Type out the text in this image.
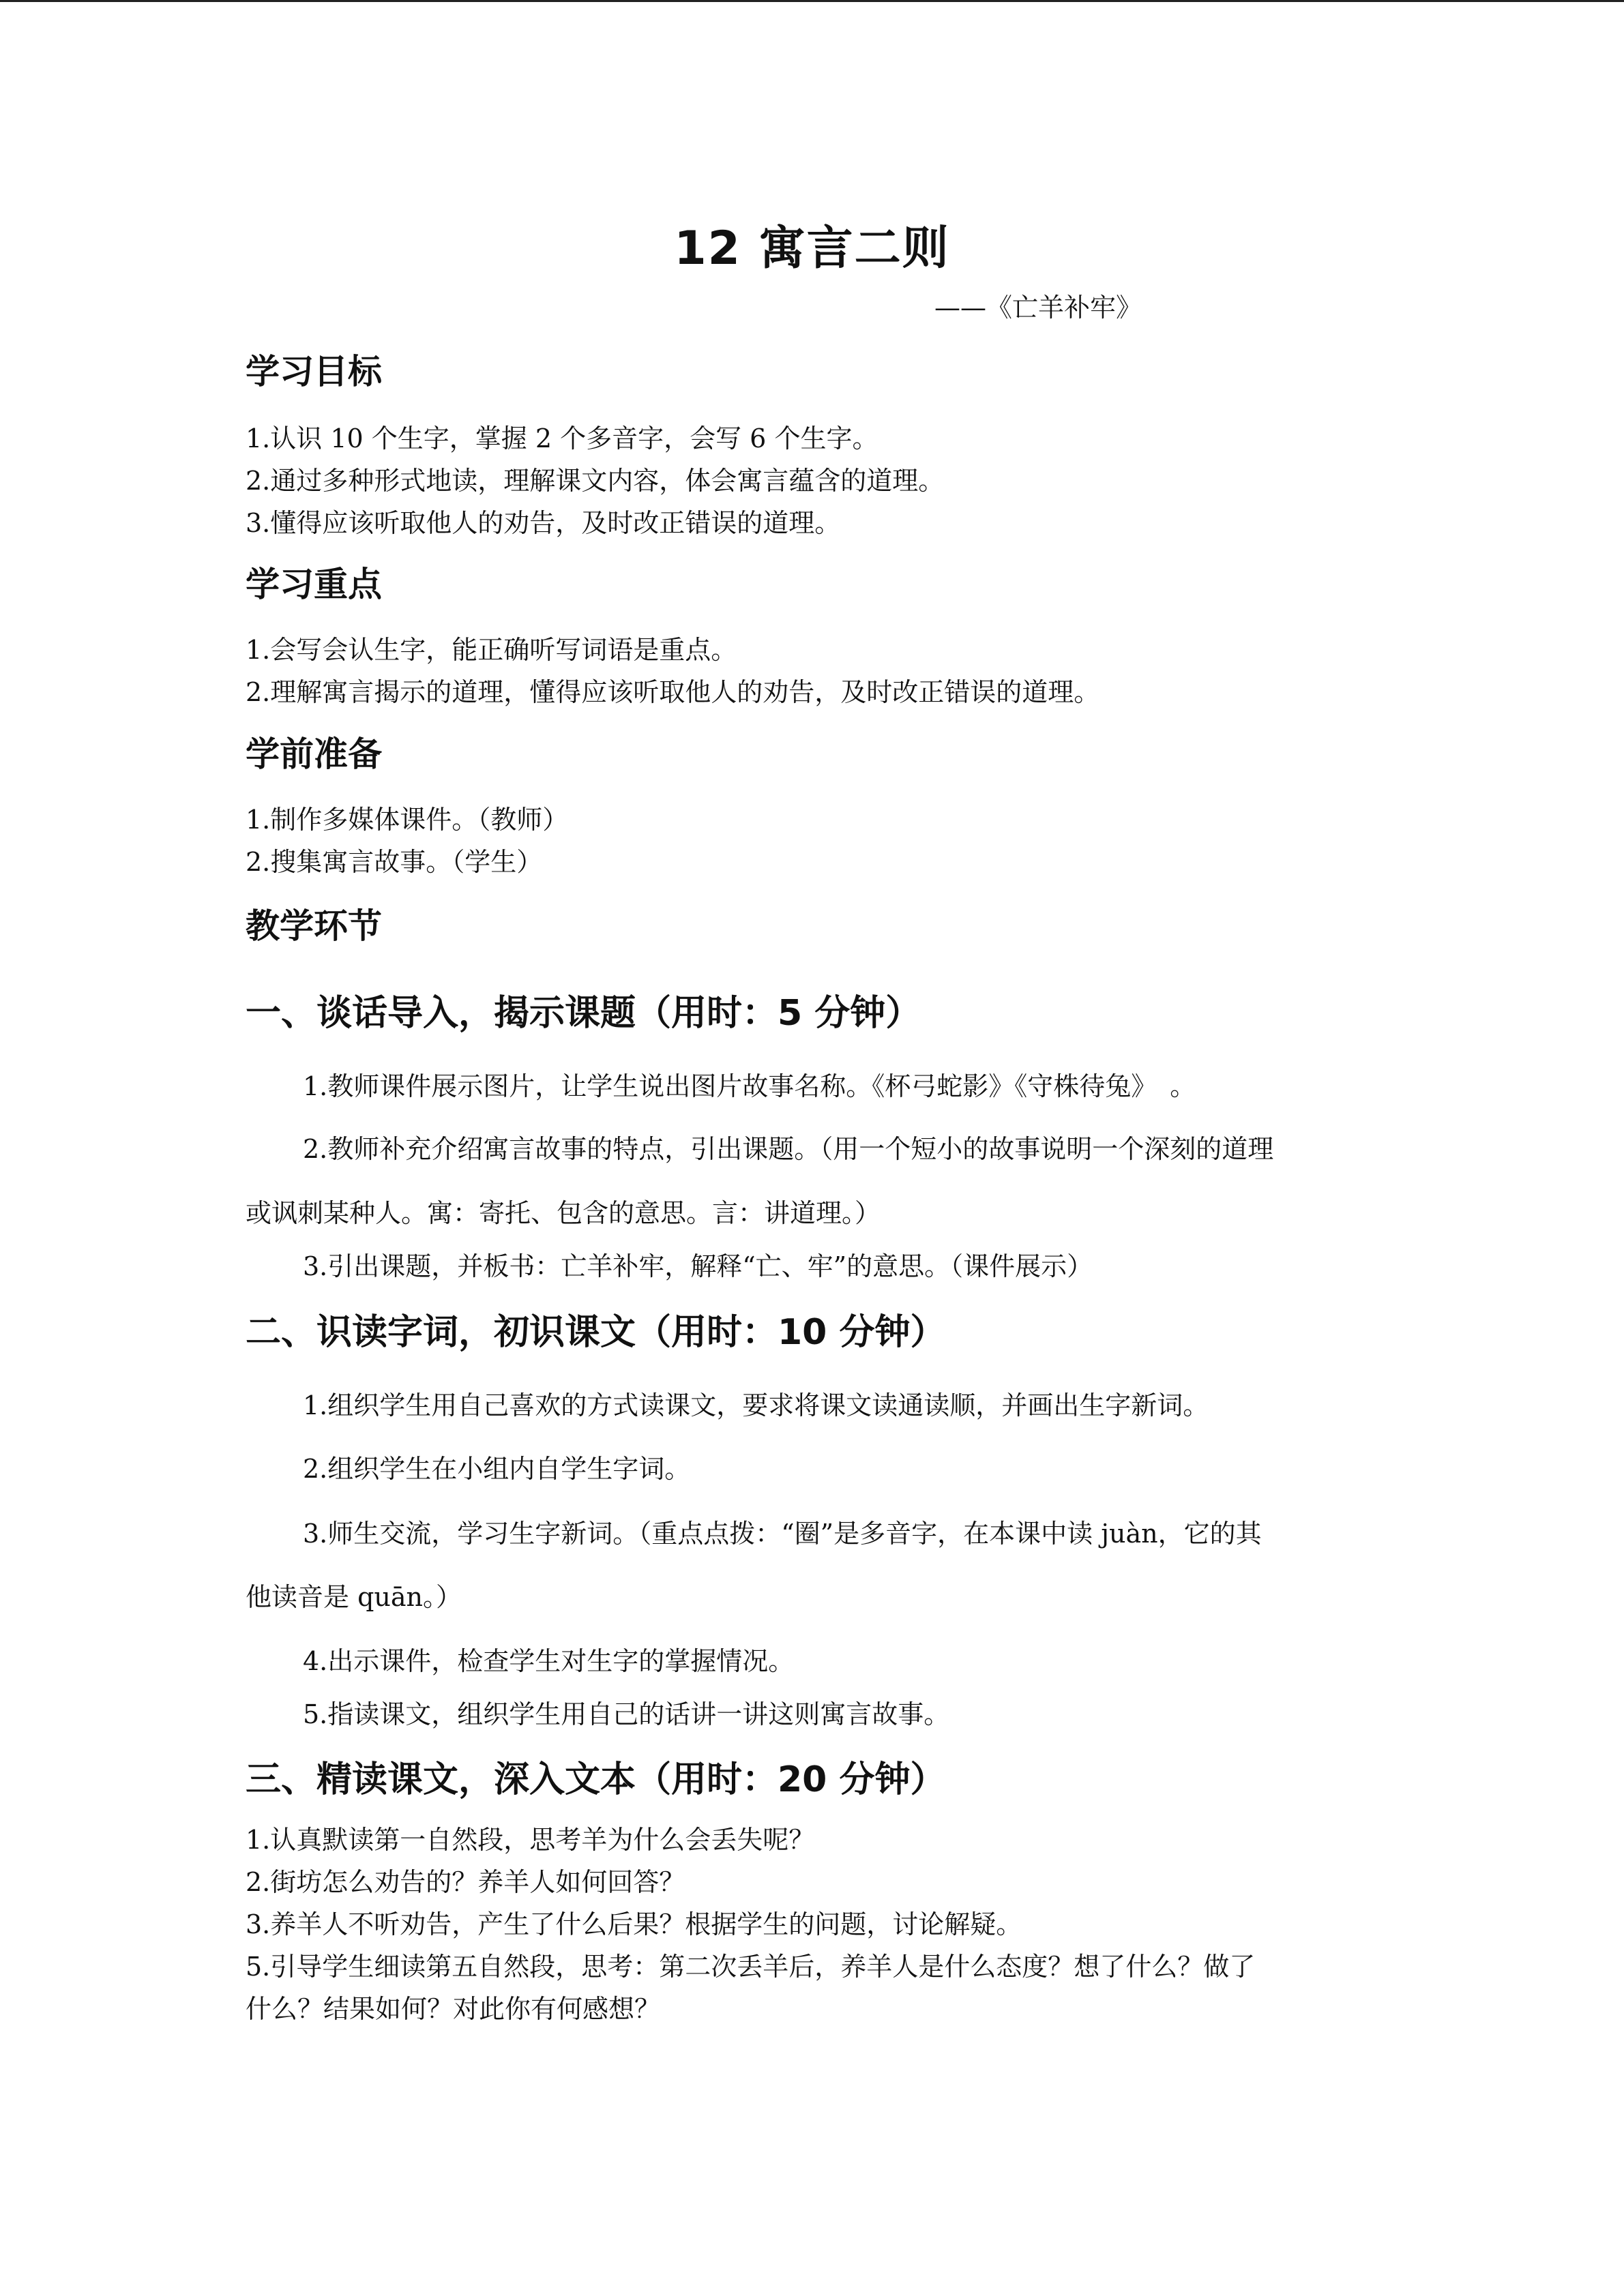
12 寓言二则
——《亡羊补牢》
学习目标
1.认识 10 个生字，掌握 2 个多音字，会写 6 个生字。
2.通过多种形式地读，理解课文内容，体会寓言蕴含的道理。
3.懂得应该听取他人的劝告，及时改正错误的道理。
学习重点
1.会写会认生字，能正确听写词语是重点。
2.理解寓言揭示的道理，懂得应该听取他人的劝告，及时改正错误的道理。
学前准备
1.制作多媒体课件。（教师）
2.搜集寓言故事。（学生）
教学环节
一、谈话导入，揭示课题（用时：5 分钟）
1.教师课件展示图片，让学生说出图片故事名称。《杯弓蛇影》《守株待兔》　。
2.教师补充介绍寓言故事的特点，引出课题。（用一个短小的故事说明一个深刻的道理
或讽刺某种人。寓：寄托、包含的意思。言：讲道理。）
3.引出课题，并板书：亡羊补牢，解释“亡、牢”的意思。（课件展示）
二、识读字词，初识课文（用时：10 分钟）
1.组织学生用自己喜欢的方式读课文，要求将课文读通读顺，并画出生字新词。
2.组织学生在小组内自学生字词。
3.师生交流，学习生字新词。（重点点拨：“圈”是多音字，在本课中读 juàn，它的其
他读音是 quān。）
4.出示课件，检查学生对生字的掌握情况。
5.指读课文，组织学生用自己的话讲一讲这则寓言故事。
三、精读课文，深入文本（用时：20 分钟）
1.认真默读第一自然段，思考羊为什么会丢失呢？
2.街坊怎么劝告的？养羊人如何回答？
3.养羊人不听劝告，产生了什么后果？根据学生的问题，讨论解疑。
5.引导学生细读第五自然段，思考：第二次丢羊后，养羊人是什么态度？想了什么？做了
什么？结果如何？对此你有何感想？
